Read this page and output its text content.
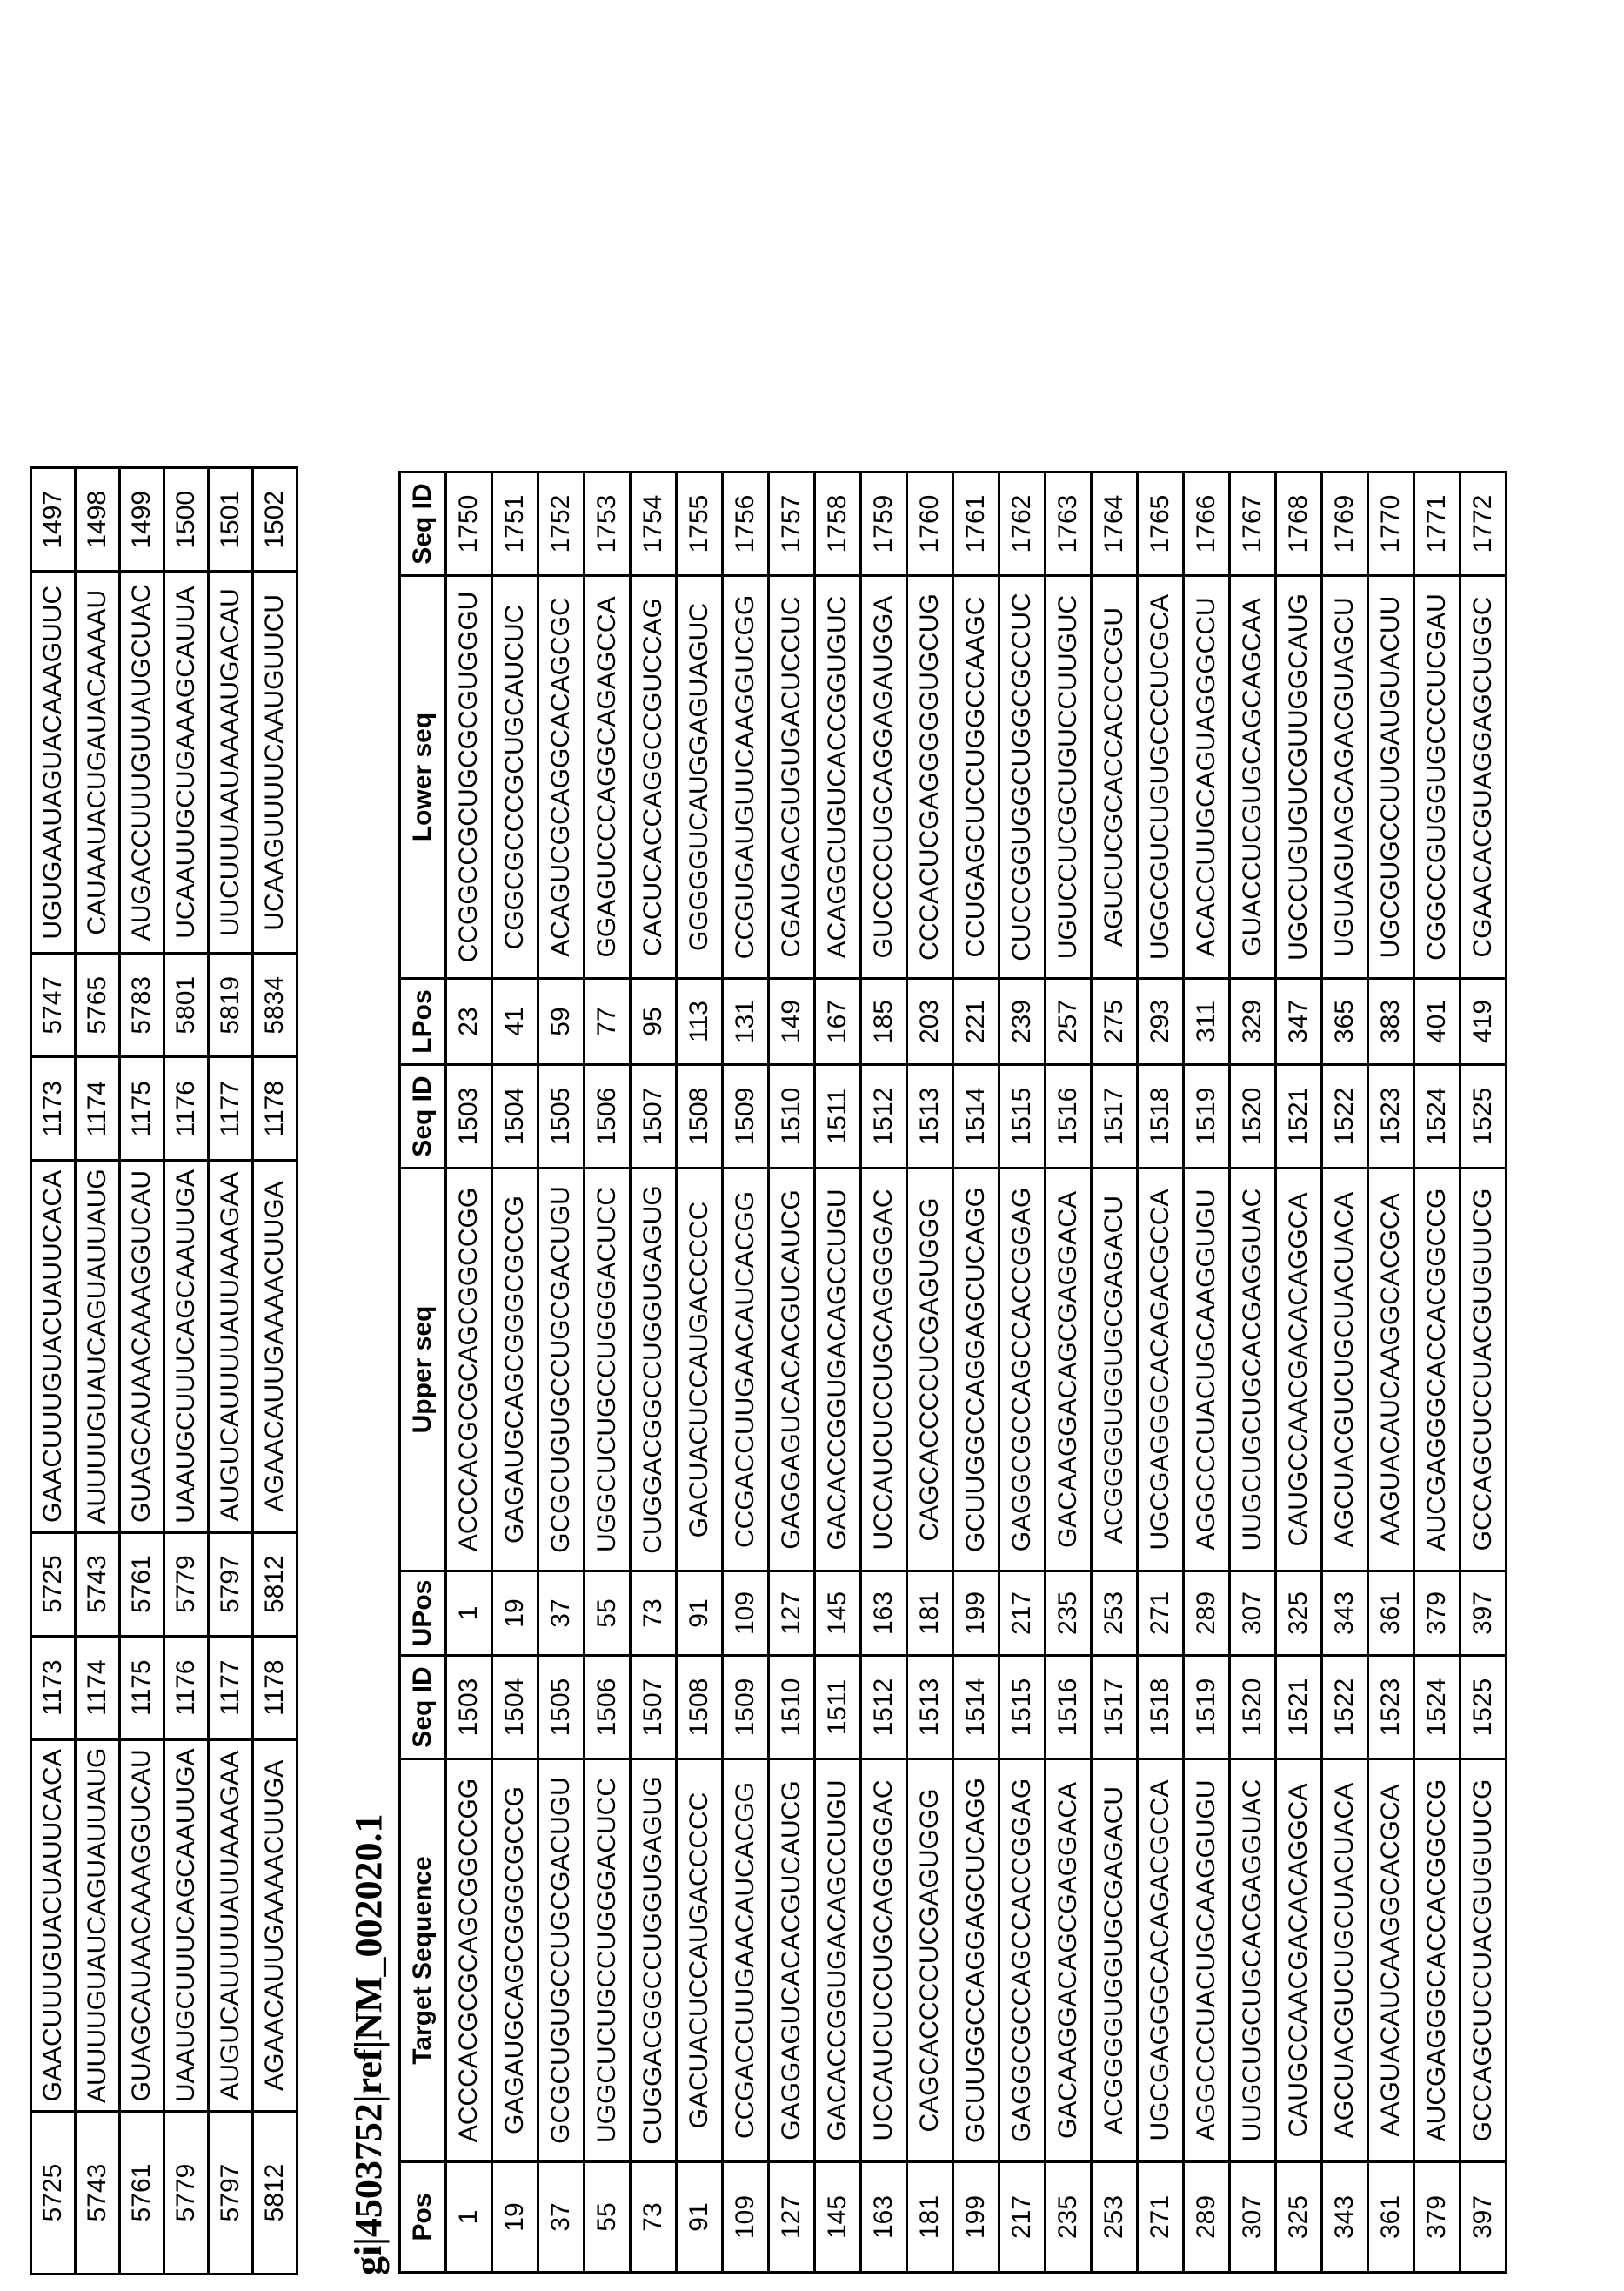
5725	GAACUUUGUACUAUUCACA	1173	5725	GAACUUUGUACUAUUCACA	1173	5747	UGUGAAUAGUACAAAGUUC	1497
5743	AUUUUGUAUCAGUAUUAUG	1174	5743	AUUUUGUAUCAGUAUUAUG	1174	5765	CAUAAUACUGAUACAAAAU	1498
5761	GUAGCAUAACAAAGGUCAU	1175	5761	GUAGCAUAACAAAGGUCAU	1175	5783	AUGACCUUUGUUAUGCUAC	1499
5779	UAAUGCUUUCAGCAAUUGA	1176	5779	UAAUGCUUUCAGCAAUUGA	1176	5801	UCAAUUGCUGAAAGCAUUA	1500
5797	AUGUCAUUUUAUUAAAGAA	1177	5797	AUGUCAUUUUAUUAAAGAA	1177	5819	UUCUUUAAUAAAAUGACAU	1501
5812	AGAACAUUGAAAACUUGA	1178	5812	AGAACAUUGAAAACUUGA	1178	5834	UCAAGUUUUCAAUGUUCU	1502
gi|4503752|ref|NM_002020.1 Pos	Target Sequence	Seq ID	UPos	Upper seq	Seq ID	LPos	Lower seq	Seq ID
1	ACCCACGCGCAGCGGCCGG	1503	1	ACCCACGCGCAGCGGCCGG	1503	23	CCGGCCGCUGCGCGUGGGU	1750
19	GAGAUGCAGCGGGCGCCG	1504	19	GAGAUGCAGCGGGCGCCG	1504	41	CGGCGCCCGCUGCAUCUC	1751
37	GCGCUGUGCCUGCGACUGU	1505	37	GCGCUGUGCCUGCGACUGU	1505	59	ACAGUCGCAGGCACAGCGC	1752
55	UGGCUCUGCCUGGGACUCC	1506	55	UGGCUCUGCCUGGGACUCC	1506	77	GGAGUCCCAGGCAGAGCCA	1753
73	CUGGACGGCCUGGUGAGUG	1507	73	CUGGACGGCCUGGUGAGUG	1507	95	CACUCACCAGGCCGUCCAG	1754
91	GACUACUCCAUGACCCCC	1508	91	GACUACUCCAUGACCCCC	1508	113	GGGGGUCAUGGAGUAGUC	1755
109	CCGACCUUGAACAUCACGG	1509	109	CCGACCUUGAACAUCACGG	1509	131	CCGUGAUGUUCAAGGUCGG	1756
127	GAGGAGUCACACGUCAUCG	1510	127	GAGGAGUCACACGUCAUCG	1510	149	CGAUGACGUGUGACUCCUC	1757
145	GACACCGGUGACAGCCUGU	1511	145	GACACCGGUGACAGCCUGU	1511	167	ACAGGCUGUCACCGGUGUC	1758
163	UCCAUCUCCUGCAGGGGAC	1512	163	UCCAUCUCCUGCAGGGGAC	1512	185	GUCCCCUGCAGGAGAUGGA	1759
181	CAGCACCCCUCGAGUGGG	1513	181	CAGCACCCCUCGAGUGGG	1513	203	CCCACUCGAGGGGGUGCUG	1760
199	GCUUGGCCAGGAGCUCAGG	1514	199	GCUUGGCCAGGAGCUCAGG	1514	221	CCUGAGCUCCUGGCCAAGC	1761
217	GAGGCGCCAGCCACCGGAG	1515	217	GAGGCGCCAGCCACCGGAG	1515	239	CUCCGGUGGCUGGCGCCUC	1762
235	GACAAGGACAGCGAGGACA	1516	235	GACAAGGACAGCGAGGACA	1516	257	UGUCCUCGCUGUCCUUGUC	1763
253	ACGGGGUGGUGCGAGACU	1517	253	ACGGGGUGGUGCGAGACU	1517	275	AGUCUCGCACCACCCCGU	1764
271	UGCGAGGGCACAGACGCCA	1518	271	UGCGAGGGCACAGACGCCA	1518	293	UGGCGUCUGUGCCCUCGCA	1765
289	AGGCCCUACUGCAAGGUGU	1519	289	AGGCCCUACUGCAAGGUGU	1519	311	ACACCUUGCAGUAGGGCCU	1766
307	UUGCUGCUGCACGAGGUAC	1520	307	UUGCUGCUGCACGAGGUAC	1520	329	GUACCUCGUGCAGCAGCAA	1767
325	CAUGCCAACGACACAGGCA	1521	325	CAUGCCAACGACACAGGCA	1521	347	UGCCUGUGUCGUUGGCAUG	1768
343	AGCUACGUCUGCUACUACA	1522	343	AGCUACGUCUGCUACUACA	1522	365	UGUAGUAGCAGACGUAGCU	1769
361	AAGUACAUCAAGGCACGCA	1523	361	AAGUACAUCAAGGCACGCA	1523	383	UGCGUGCCUUGAUGUACUU	1770
379	AUCGAGGGCACCACGGCCG	1524	379	AUCGAGGGCACCACGGCCG	1524	401	CGGCCGUGGUGCCCUCGAU	1771
397	GCCAGCUCCUACGUGUUCG	1525	397	GCCAGCUCCUACGUGUUCG	1525	419	CGAACACGUAGGAGCUGGC	1772
